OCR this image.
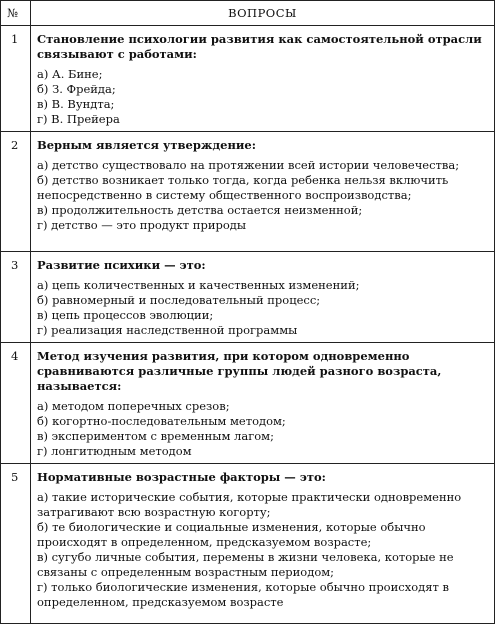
№	ВОПРОСЫ
1	Становление психологии развития как самостоятельной отрасли связывают с работами:
а) А. Бине;
б) З. Фрейда;
в) В. Вундта;
г) В. Прейера

2	Верным является утверждение:
а) детство существовало на протяжении всей истории человечества;
б) детство возникает только тогда, когда ребенка нельзя включить непосредственно в систему общественного воспроизводства;
в) продолжительность детства остается неизменной;
г) детство — это продукт природы

3	Развитие психики — это:
а) цепь количественных и качественных изменений;
б) равномерный и последовательный процесс;
в) цепь процессов эволюции;
г) реализация наследственной программы

4	Метод изучения развития, при котором одновременно сравниваются различные группы людей разного возраста, называется:
а) методом поперечных срезов;
б) когортно-последовательным методом;
в) экспериментом с временным лагом;
г) лонгитюдным методом

5	Нормативные возрастные факторы — это:
а) такие исторические события, которые практически одновременно затрагивают всю возрастную когорту;
б) те биологические и социальные изменения, которые обычно происходят в определенном, предсказуемом возрасте;
в) сугубо личные события, перемены в жизни человека, которые не связаны с определенным возрастным периодом;
г) только биологические изменения, которые обычно происходят в определенном, предсказуемом возрасте
